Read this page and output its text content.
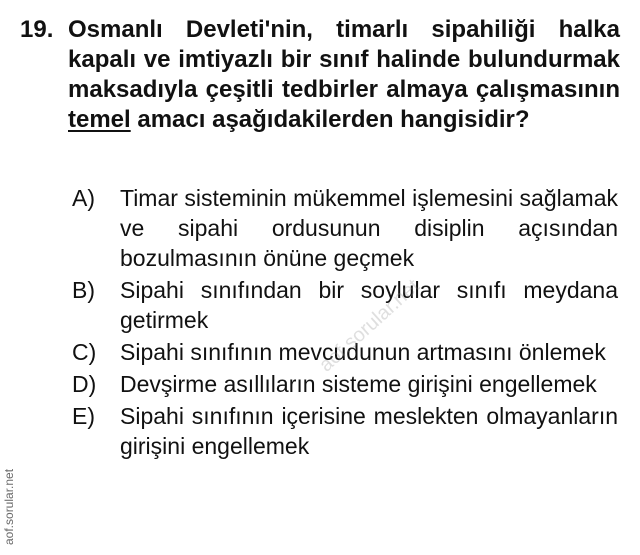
19. Osmanlı Devleti'nin, timarlı sipahiliği halka kapalı ve imtiyazlı bir sınıf halinde bulundurmak maksadıyla çeşitli tedbirler almaya çalışmasının temel amacı aşağıdakilerden hangisidir?
A)	Timar sisteminin mükemmel işlemesini sağlamak ve sipahi ordusunun disiplin açısından bozulmasının önüne geçmek
B)	Sipahi sınıfından bir soylular sınıfı meydana getirmek
C)	Sipahi sınıfının mevcudunun artmasını önlemek
D)	Devşirme asıllıların sisteme girişini engellemek
E)	Sipahi sınıfının içerisine meslekten olmayanların girişini engellemek
aof.sorular.net
aof.sorular.net
